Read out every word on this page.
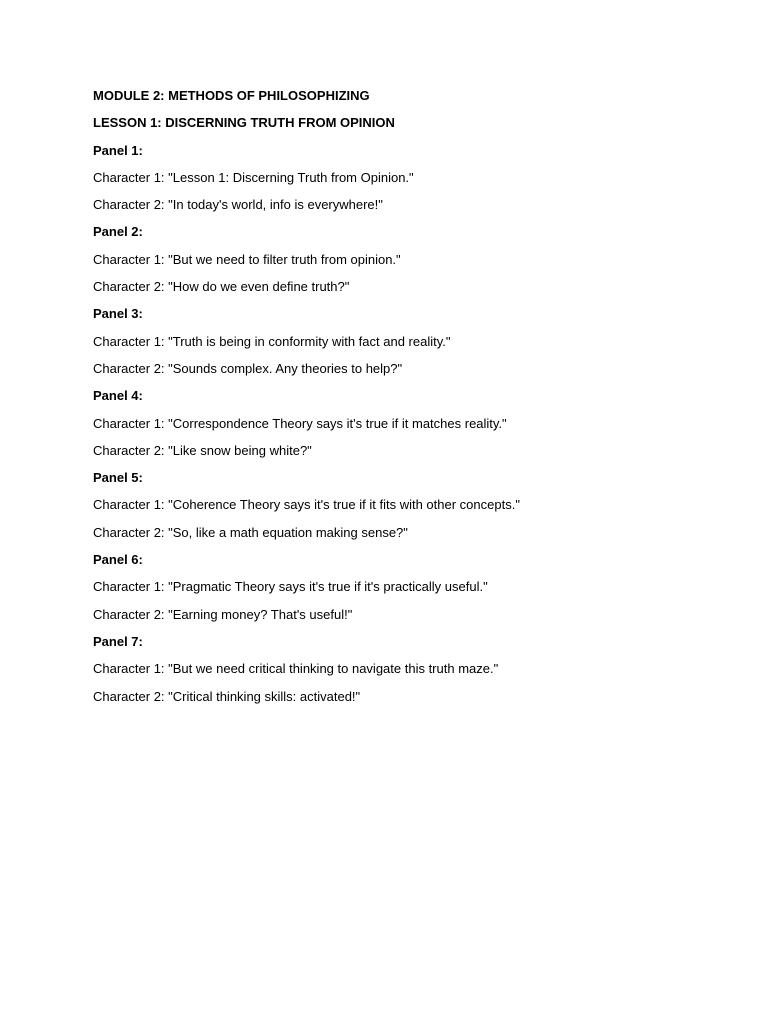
MODULE 2: METHODS OF PHILOSOPHIZING
LESSON 1: DISCERNING TRUTH FROM OPINION
Panel 1:
Character 1: "Lesson 1: Discerning Truth from Opinion."
Character 2: "In today's world, info is everywhere!"
Panel 2:
Character 1: "But we need to filter truth from opinion."
Character 2: "How do we even define truth?"
Panel 3:
Character 1: "Truth is being in conformity with fact and reality."
Character 2: "Sounds complex. Any theories to help?"
Panel 4:
Character 1: "Correspondence Theory says it's true if it matches reality."
Character 2: "Like snow being white?"
Panel 5:
Character 1: "Coherence Theory says it's true if it fits with other concepts."
Character 2: "So, like a math equation making sense?"
Panel 6:
Character 1: "Pragmatic Theory says it's true if it's practically useful."
Character 2: "Earning money? That's useful!"
Panel 7:
Character 1: "But we need critical thinking to navigate this truth maze."
Character 2: "Critical thinking skills: activated!"
